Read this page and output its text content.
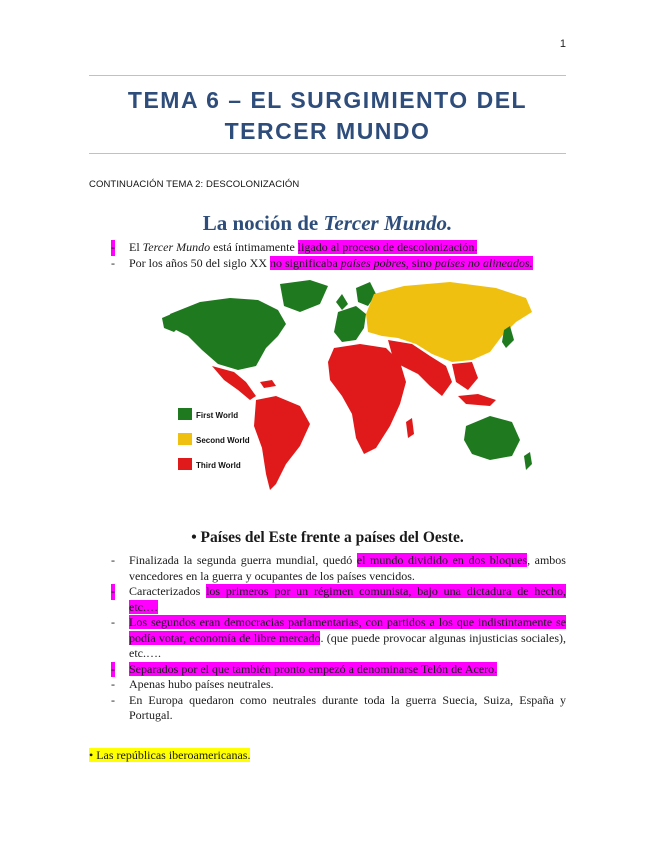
1
TEMA 6 – EL SURGIMIENTO DEL
TERCER MUNDO
CONTINUACIÓN TEMA 2: DESCOLONIZACIÓN
La noción de Tercer Mundo.
- El Tercer Mundo está íntimamente ligado al proceso de descolonización.
- Por los años 50 del siglo XX no significaba países pobres, sino países no alineados.
First World
Second World
Third World
• Países del Este frente a países del Oeste.
- Finalizada la segunda guerra mundial, quedó el mundo dividido en dos bloques, ambos vencedores en la guerra y ocupantes de los países vencidos.
- Caracterizados los primeros por un régimen comunista, bajo una dictadura de hecho, etc.…
- Los segundos eran democracias parlamentarias, con partidos a los que indistintamente se podía votar, economía de libre mercado. (que puede provocar algunas injusticias sociales), etc.….
- Separados por el que también pronto empezó a denominarse Telón de Acero.
- Apenas hubo países neutrales.
- En Europa quedaron como neutrales durante toda la guerra Suecia, Suiza, España y Portugal.
• Las repúblicas iberoamericanas.
